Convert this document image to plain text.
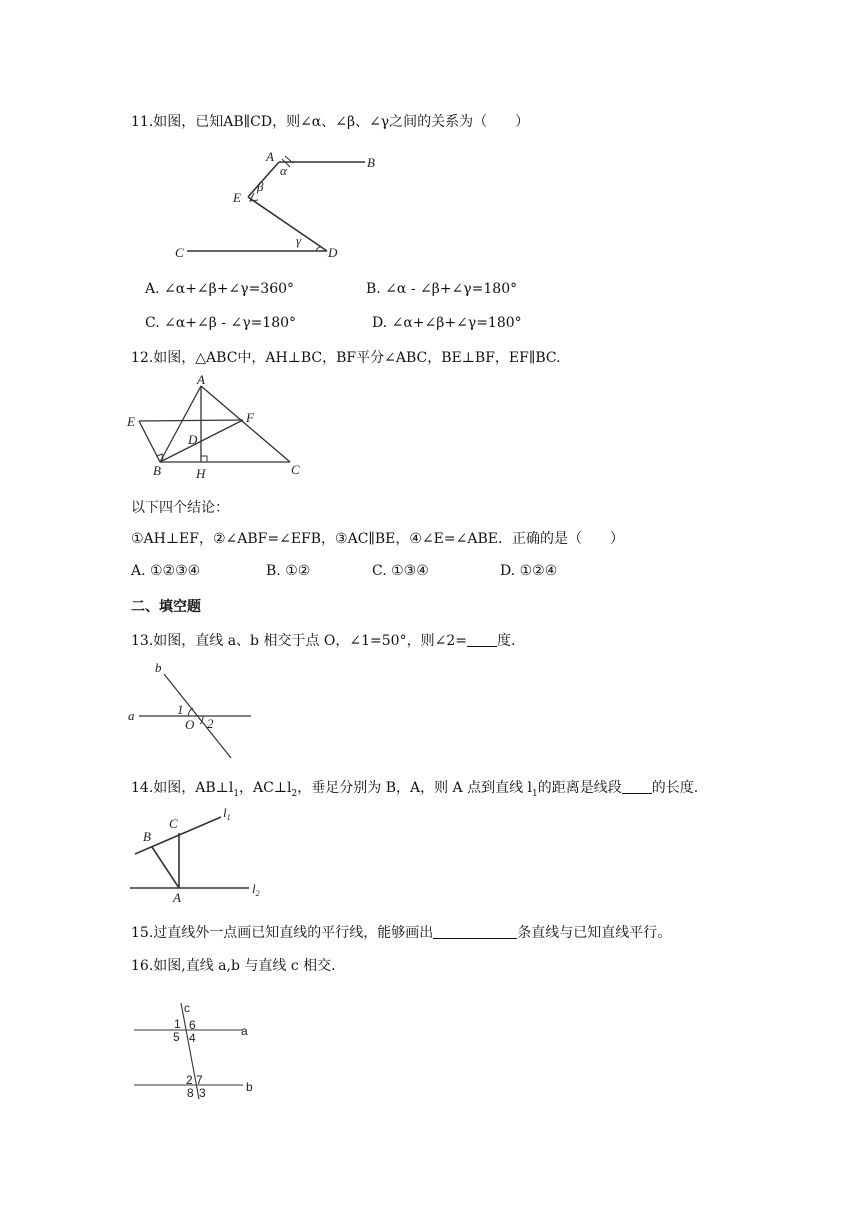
11.如图，已知AB∥CD，则∠α、∠β、∠γ之间的关系为（　　）
A	B
C	D
E
α
β
γ
A. ∠α+∠β+∠γ=360°	B. ∠α - ∠β+∠γ=180°
C. ∠α+∠β - ∠γ=180°	D. ∠α+∠β+∠γ=180°
12.如图，△ABC中，AH⊥BC，BF平分∠ABC，BE⊥BF，EF∥BC.
A
B	C
D
E	F
H
以下四个结论：
①AH⊥EF，②∠ABF=∠EFB，③AC∥BE，④∠E=∠ABE．正确的是（　　）
A. ①②③④	B. ①②	C. ①③④	D. ①②④
二、填空题
13.如图，直线 a、b 相交于点 O，∠1=50°，则∠2= 度.
a
b
O
1
2
14.如图，$AB\perp l_1$，$AC\perp l_2$，垂足分别为 B，A，则 A 点到直线 $l_1$的距离是线段 的长度.
B
C
A
$l_1$
$l_2$
15.过直线外一点画已知直线的平行线，能够画出	条直线与已知直线平行。
16.如图,直线 a,b 与直线 c 相交.
c
a
b
1 6
5 4
2 7
8 3
